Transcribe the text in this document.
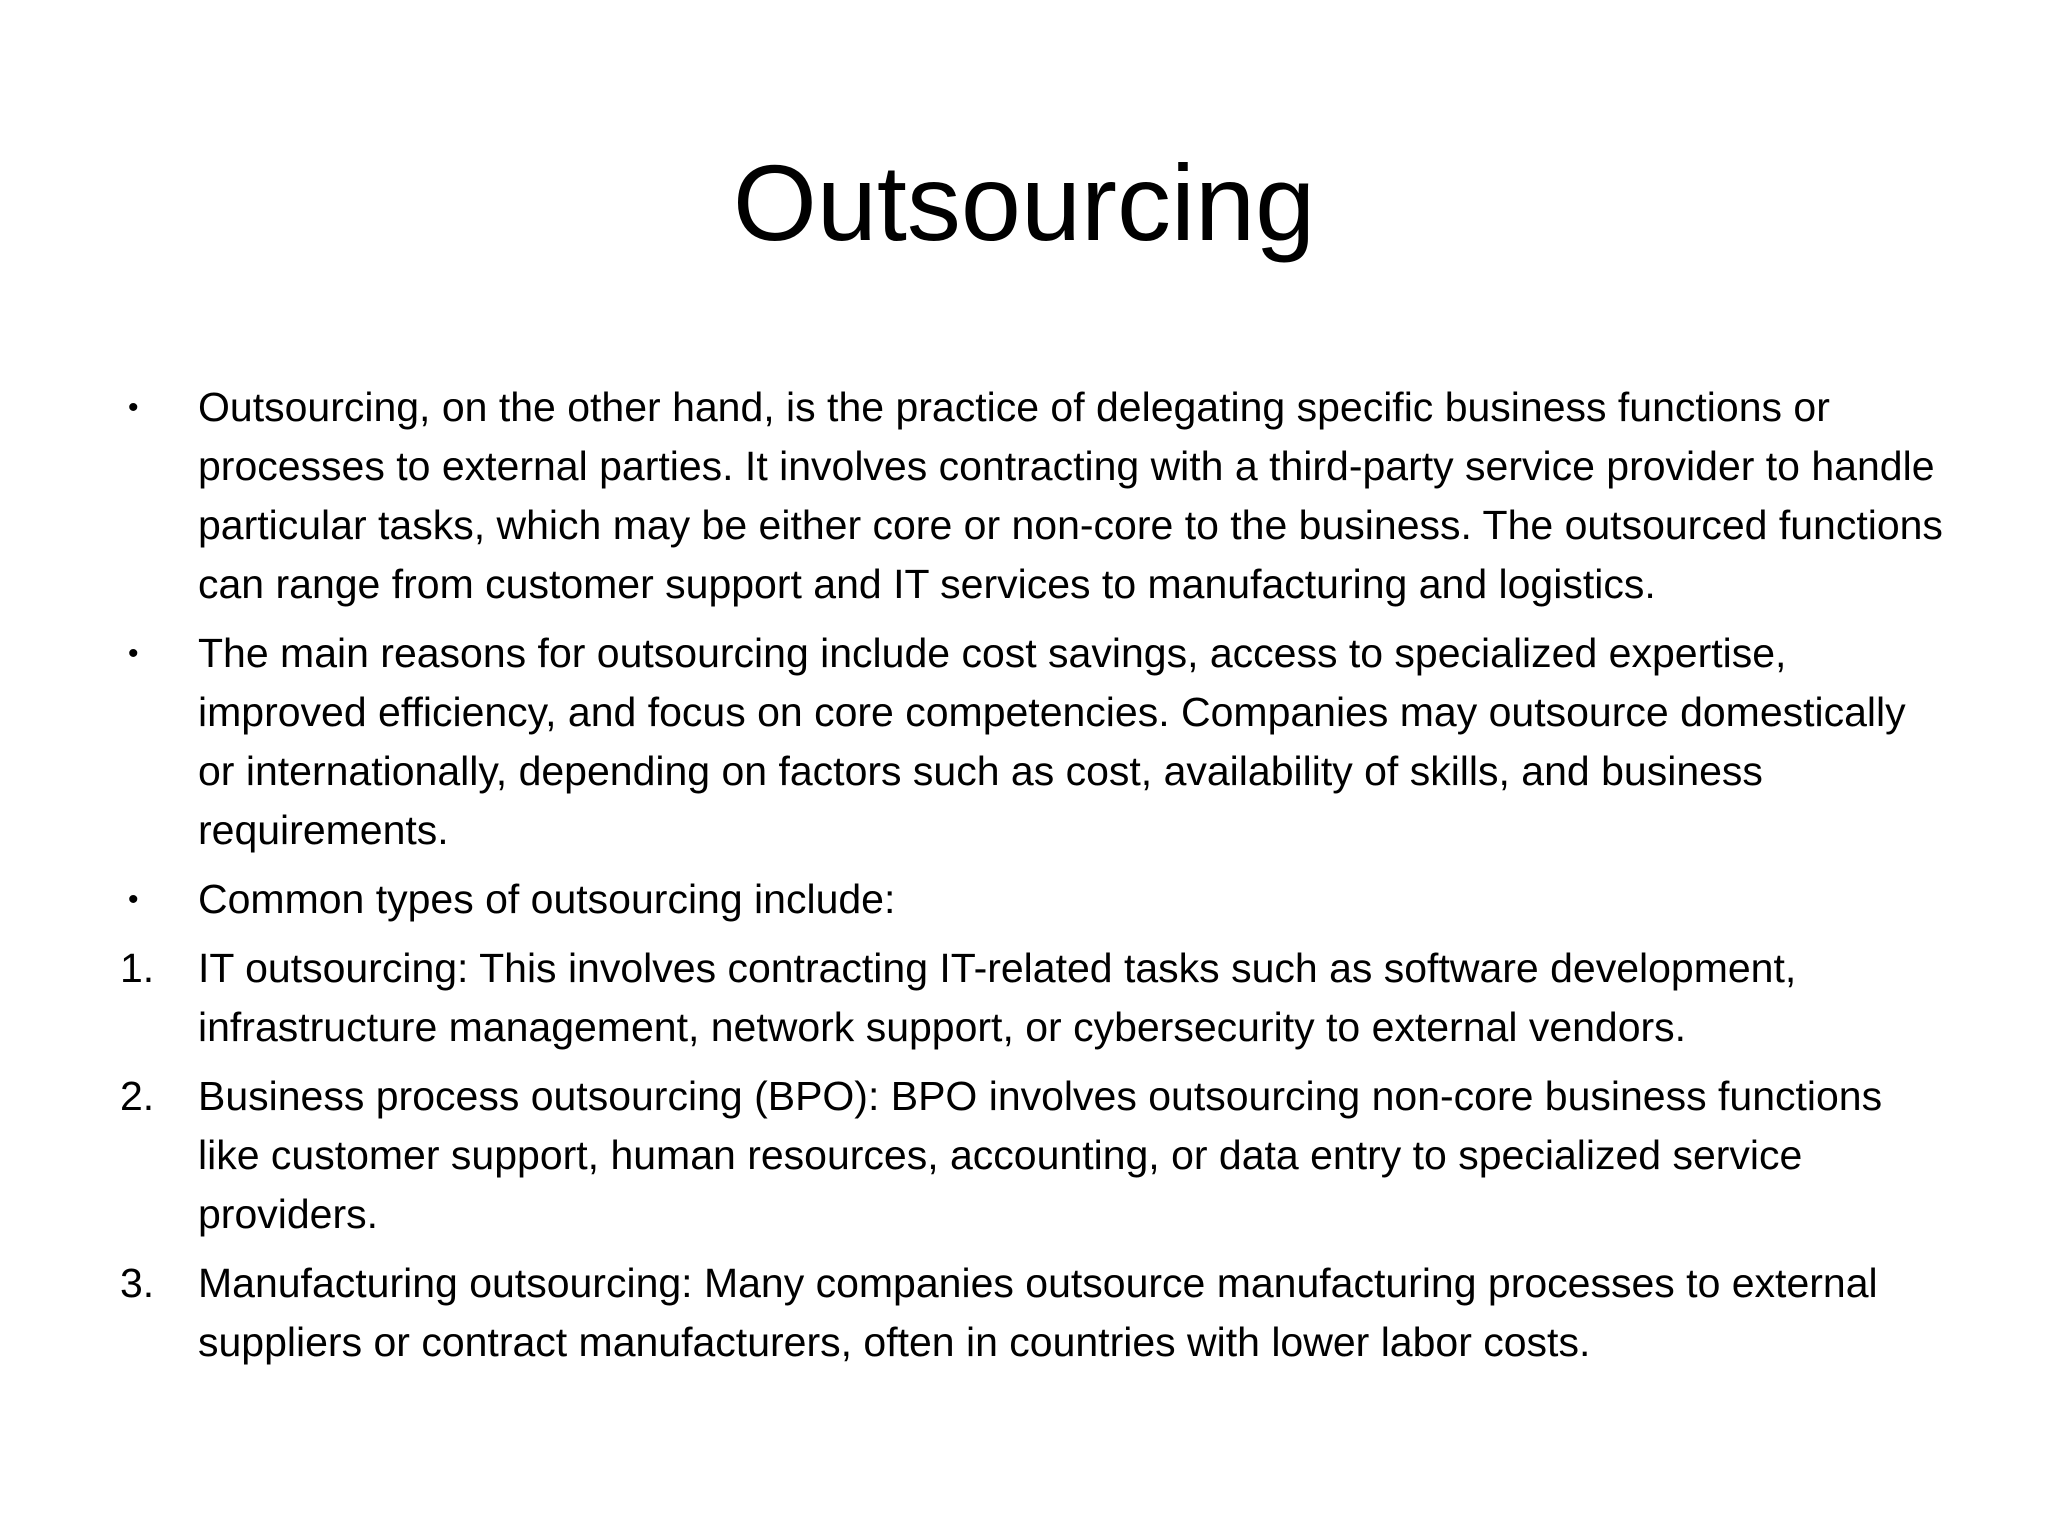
Outsourcing
•	Outsourcing, on the other hand, is the practice of delegating specific business functions or processes to external parties. It involves contracting with a third-party service provider to handle particular tasks, which may be either core or non-core to the business. The outsourced functions can range from customer support and IT services to manufacturing and logistics.
•	The main reasons for outsourcing include cost savings, access to specialized expertise, improved efficiency, and focus on core competencies. Companies may outsource domestically or internationally, depending on factors such as cost, availability of skills, and business requirements.
•	Common types of outsourcing include:
1.	IT outsourcing: This involves contracting IT-related tasks such as software development, infrastructure management, network support, or cybersecurity to external vendors.
2.	Business process outsourcing (BPO): BPO involves outsourcing non-core business functions like customer support, human resources, accounting, or data entry to specialized service providers.
3.	Manufacturing outsourcing: Many companies outsource manufacturing processes to external suppliers or contract manufacturers, often in countries with lower labor costs.
